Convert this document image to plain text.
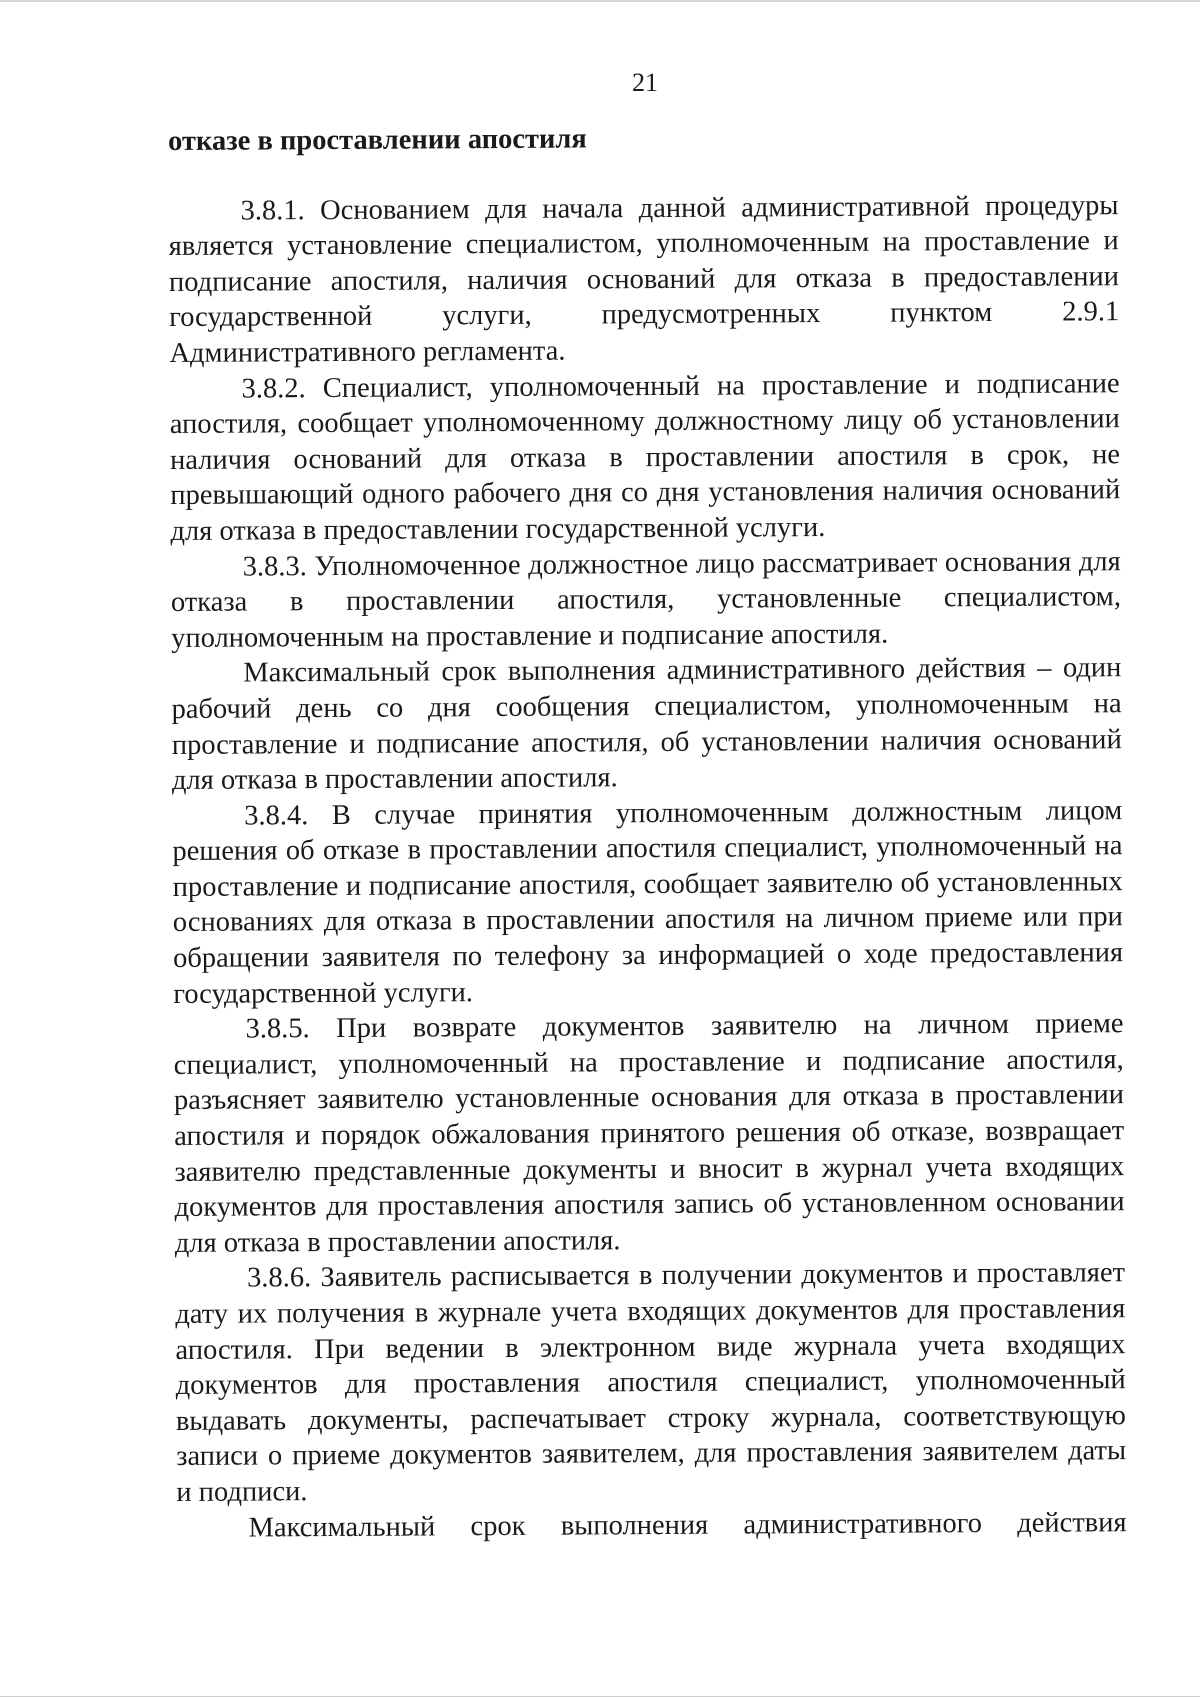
21
отказе в проставлении апостиля

3.8.1. Основанием для начала данной административной процедуры является установление специалистом, уполномоченным на проставление и подписание апостиля, наличия оснований для отказа в предоставлении государственной услуги, предусмотренных пунктом 2.9.1 Административного регламента.

3.8.2. Специалист, уполномоченный на проставление и подписание апостиля, сообщает уполномоченному должностному лицу об установлении наличия оснований для отказа в проставлении апостиля в срок, не превышающий одного рабочего дня со дня установления наличия оснований для отказа в предоставлении государственной услуги.

3.8.3. Уполномоченное должностное лицо рассматривает основания для отказа в проставлении апостиля, установленные специалистом, уполномоченным на проставление и подписание апостиля.

Максимальный срок выполнения административного действия – один рабочий день со дня сообщения специалистом, уполномоченным на проставление и подписание апостиля, об установлении наличия оснований для отказа в проставлении апостиля.

3.8.4. В случае принятия уполномоченным должностным лицом решения об отказе в проставлении апостиля специалист, уполномоченный на проставление и подписание апостиля, сообщает заявителю об установленных основаниях для отказа в проставлении апостиля на личном приеме или при обращении заявителя по телефону за информацией о ходе предоставления государственной услуги.

3.8.5. При возврате документов заявителю на личном приеме специалист, уполномоченный на проставление и подписание апостиля, разъясняет заявителю установленные основания для отказа в проставлении апостиля и порядок обжалования принятого решения об отказе, возвращает заявителю представленные документы и вносит в журнал учета входящих документов для проставления апостиля запись об установленном основании для отказа в проставлении апостиля.

3.8.6. Заявитель расписывается в получении документов и проставляет дату их получения в журнале учета входящих документов для проставления апостиля. При ведении в электронном виде журнала учета входящих документов для проставления апостиля специалист, уполномоченный выдавать документы, распечатывает строку журнала, соответствующую записи о приеме документов заявителем, для проставления заявителем даты и подписи.

Максимальный срок выполнения административного действия
